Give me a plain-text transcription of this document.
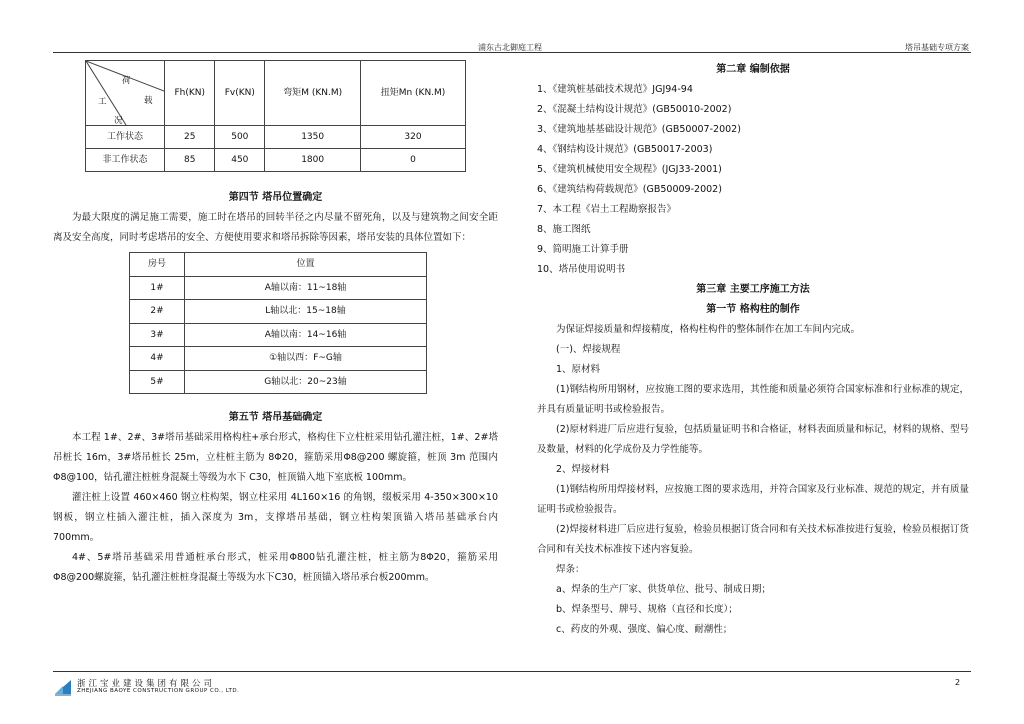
浦东古北御庭工程	塔吊基础专项方案
荷
载
工
况	Fh(KN)	Fv(KN)	弯矩M (KN.M)	扭矩Mn (KN.M)
工作状态	25	500	1350	320
非工作状态	85	450	1800	0
第四节 塔吊位置确定

为最大限度的满足施工需要，施工时在塔吊的回转半径之内尽量不留死角，以及与建筑物之间安全距离及安全高度，同时考虑塔吊的安全、方便使用要求和塔吊拆除等因素，塔吊安装的具体位置如下：

房号	位置
1#	A轴以南：11~18轴
2#	L轴以北：15~18轴
3#	A轴以南：14~16轴
4#	①轴以西：F~G轴
5#	G轴以北：20~23轴
第五节 塔吊基础确定

本工程 1#、2#、3#塔吊基础采用格构柱+承台形式，格构住下立柱桩采用钻孔灌注桩，1#、2#塔吊桩长 16m，3#塔吊桩长 25m，立柱桩主筋为 8Φ20，箍筋采用Φ8@200 螺旋箍，桩顶 3m 范围内Φ8@100，钻孔灌注桩桩身混凝土等级为水下 C30，桩顶锚入地下室底板 100mm。

灌注桩上设置 460×460 钢立柱构架，钢立柱采用 4L160×16 的角钢，缀板采用 4-350×300×10 钢板，钢立柱插入灌注桩，插入深度为 3m，支撑塔吊基础，钢立柱构架顶锚入塔吊基础承台内 700mm。

4#、5#塔吊基础采用普通桩承台形式，桩采用Φ800钻孔灌注桩，桩主筋为8Φ20，箍筋采用Φ8@200螺旋箍，钻孔灌注桩桩身混凝土等级为水下C30，桩顶锚入塔吊承台板200mm。

第二章 编制依据
1、《建筑桩基础技术规范》JGJ94-94
2、《混凝土结构设计规范》(GB50010-2002)
3、《建筑地基基础设计规范》(GB50007-2002)
4、《钢结构设计规范》(GB50017-2003)
5、《建筑机械使用安全规程》(JGJ33-2001)
6、《建筑结构荷载规范》(GB50009-2002)
7、本工程《岩土工程勘察报告》
8、施工图纸
9、简明施工计算手册
10、塔吊使用说明书
第三章 主要工序施工方法
第一节 格构柱的制作

为保证焊接质量和焊接精度，格构柱构件的整体制作在加工车间内完成。

(一)、焊接规程

1、原材料

(1)钢结构所用钢材，应按施工图的要求选用，其性能和质量必须符合国家标准和行业标准的规定，并具有质量证明书或检验报告。

(2)原材料进厂后应进行复验，包括质量证明书和合格证，材料表面质量和标记，材料的规格、型号及数量，材料的化学成份及力学性能等。

2、焊接材料

(1)钢结构所用焊接材料，应按施工图的要求选用，并符合国家及行业标准、规范的规定，并有质量证明书或检验报告。

(2)焊接材料进厂后应进行复验，检验员根据订货合同和有关技术标准按进行复验，检验员根据订货合同和有关技术标准按下述内容复验。

焊条：

a、焊条的生产厂家、供货单位、批号、制成日期；

b、焊条型号、牌号、规格（直径和长度）；

c、药皮的外观、强度、偏心度、耐潮性；

浙江宝业建设集团有限公司
ZHEJIANG BAOYE CONSTRUCTION GROUP CO., LTD.
2
